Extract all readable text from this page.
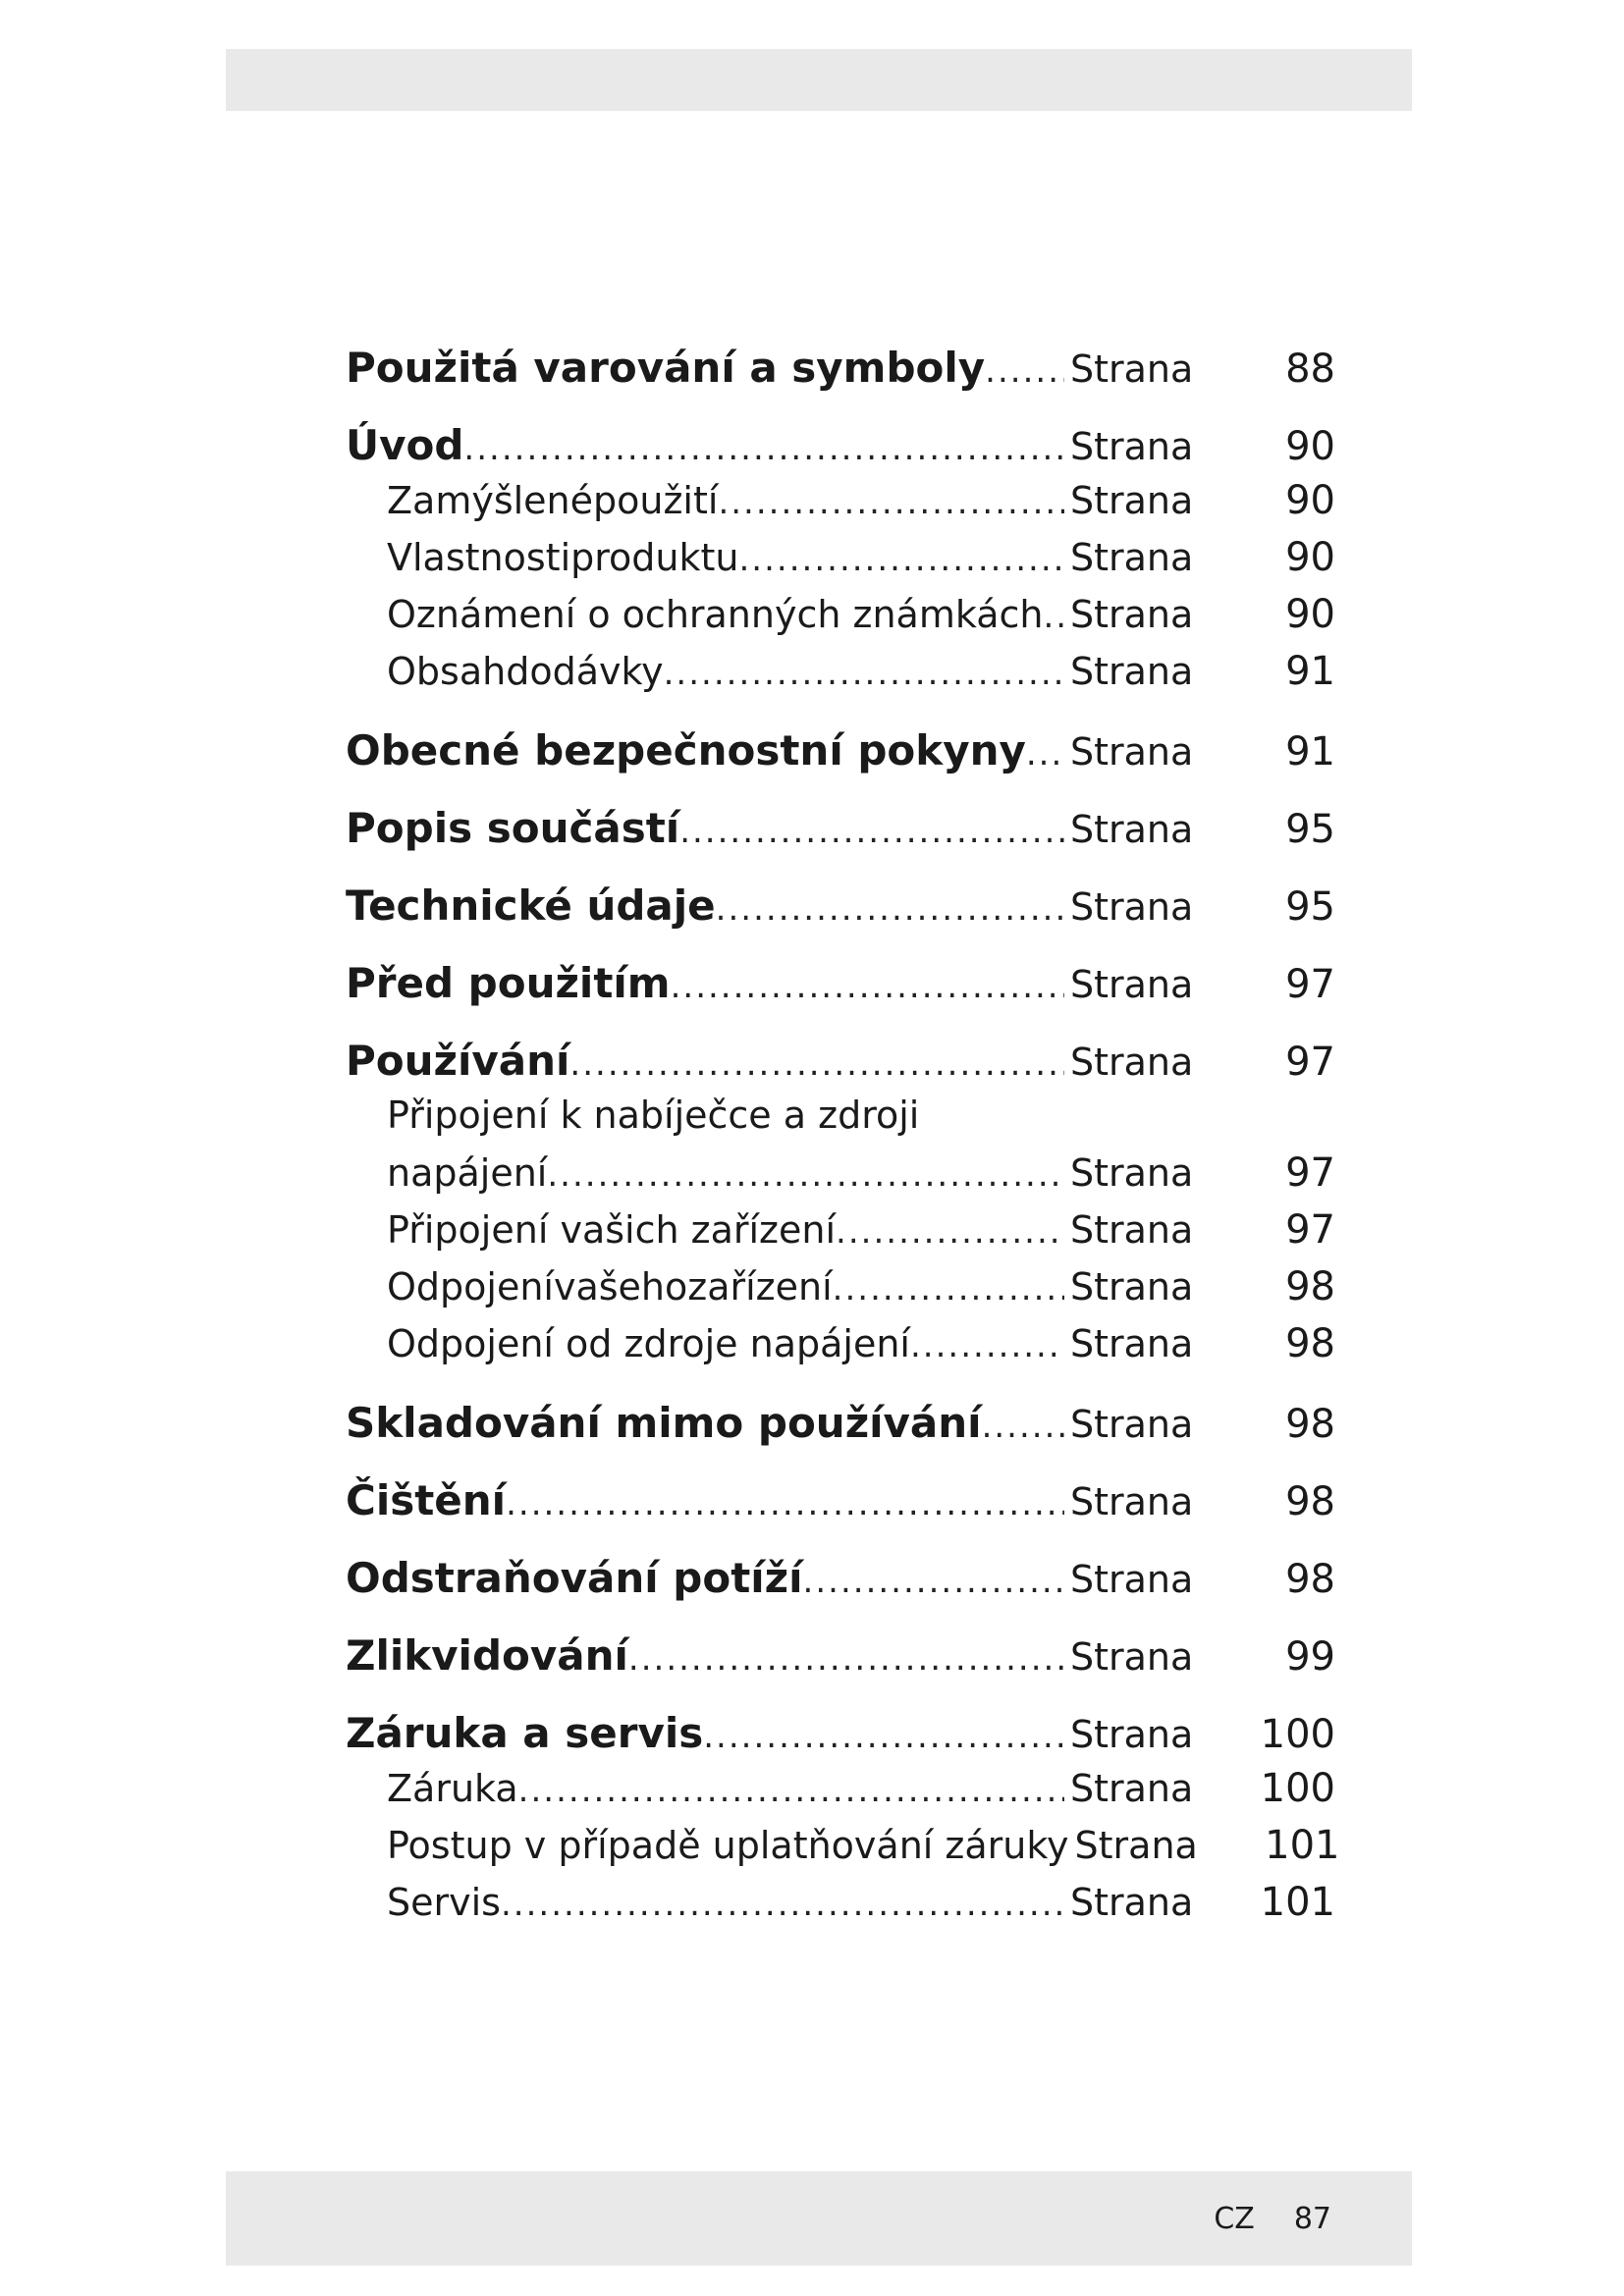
Použitá varování a symboly ..... Strana	88
Úvod .....	Strana	90
Zamýšlenépoužití .....	Strana	90
Vlastnostiproduktu .....	Strana	90
Oznámení o ochranných známkách ..... Strana	90
Obsahdodávky .....	Strana	91
Obecné bezpečnostní pokyny ..... Strana	91
Popis součástí .....	Strana	95
Technické údaje .....	Strana	95
Před použitím .....	Strana	97
Používání .....	Strana	97
Připojení k nabíječce a zdroji
napájení .....	Strana	97
Připojení vašich zařízení .....	Strana	97
Odpojenívašehozařízení .....	Strana	98
Odpojení od zdroje napájení .....	Strana	98
Skladování mimo používání ..... Strana	98
Čištění .....	Strana	98
Odstraňování potíží .....	Strana	98
Zlikvidování .....	Strana	99
Záruka a servis .....	Strana	100
Záruka .....	Strana	100
Postup v případě uplatňování záruky Strana	101
Servis .....	Strana	101
CZ 87
